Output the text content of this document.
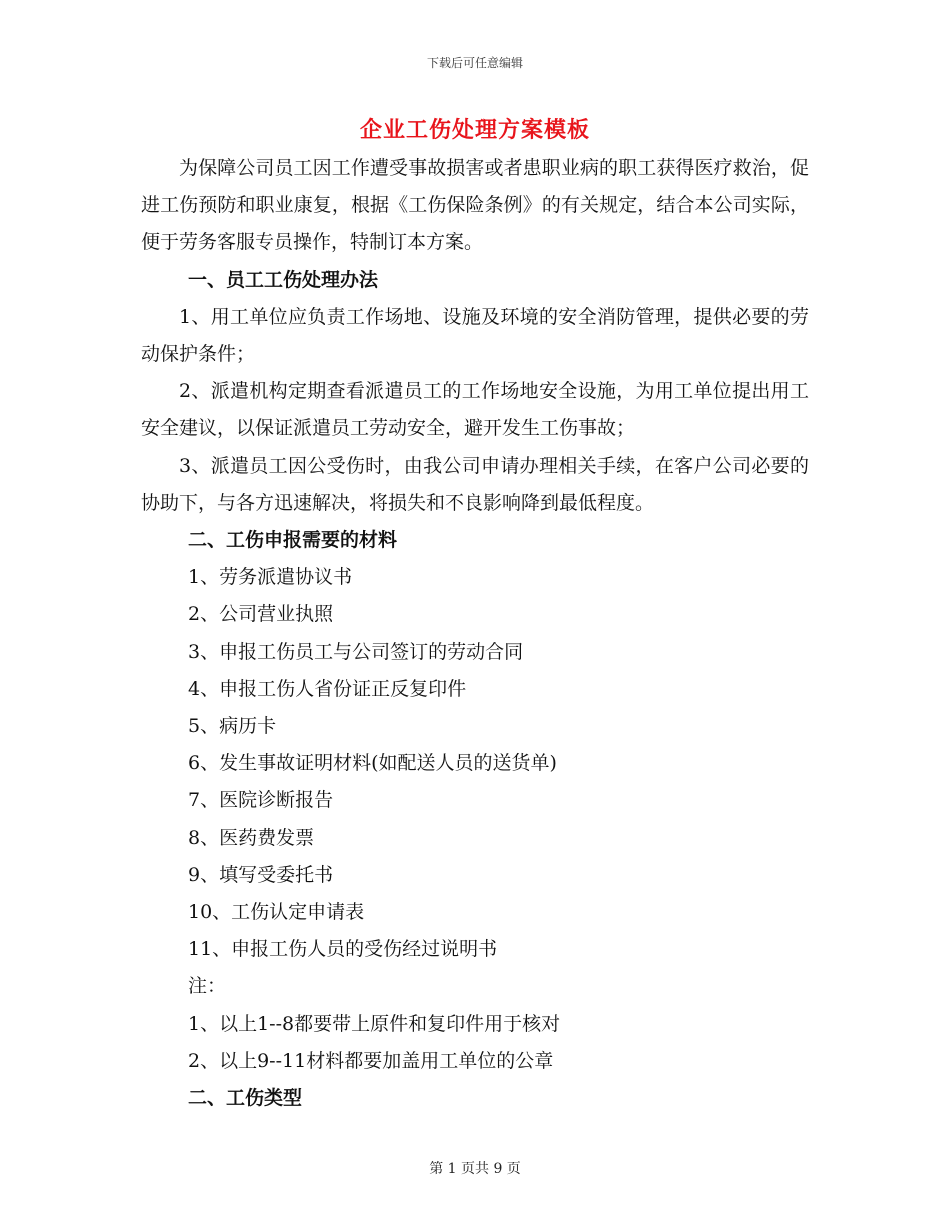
下载后可任意编辑
企业工伤处理方案模板

为保障公司员工因工作遭受事故损害或者患职业病的职工获得医疗救治，促进工伤预防和职业康复，根据《工伤保险条例》的有关规定，结合本公司实际，便于劳务客服专员操作，特制订本方案。

一、员工工伤处理办法

1、用工单位应负责工作场地、设施及环境的安全消防管理，提供必要的劳动保护条件；

2、派遣机构定期查看派遣员工的工作场地安全设施，为用工单位提出用工安全建议，以保证派遣员工劳动安全，避开发生工伤事故；

3、派遣员工因公受伤时，由我公司申请办理相关手续，在客户公司必要的协助下，与各方迅速解决，将损失和不良影响降到最低程度。

二、工伤申报需要的材料

1、劳务派遣协议书

2、公司营业执照

3、申报工伤员工与公司签订的劳动合同

4、申报工伤人省份证正反复印件

5、病历卡

6、发生事故证明材料(如配送人员的送货单)

7、医院诊断报告

8、医药费发票

9、填写受委托书

10、工伤认定申请表

11、申报工伤人员的受伤经过说明书

注：

1、以上1--8都要带上原件和复印件用于核对

2、以上9--11材料都要加盖用工单位的公章

二、工伤类型

第 1 页共 9 页
